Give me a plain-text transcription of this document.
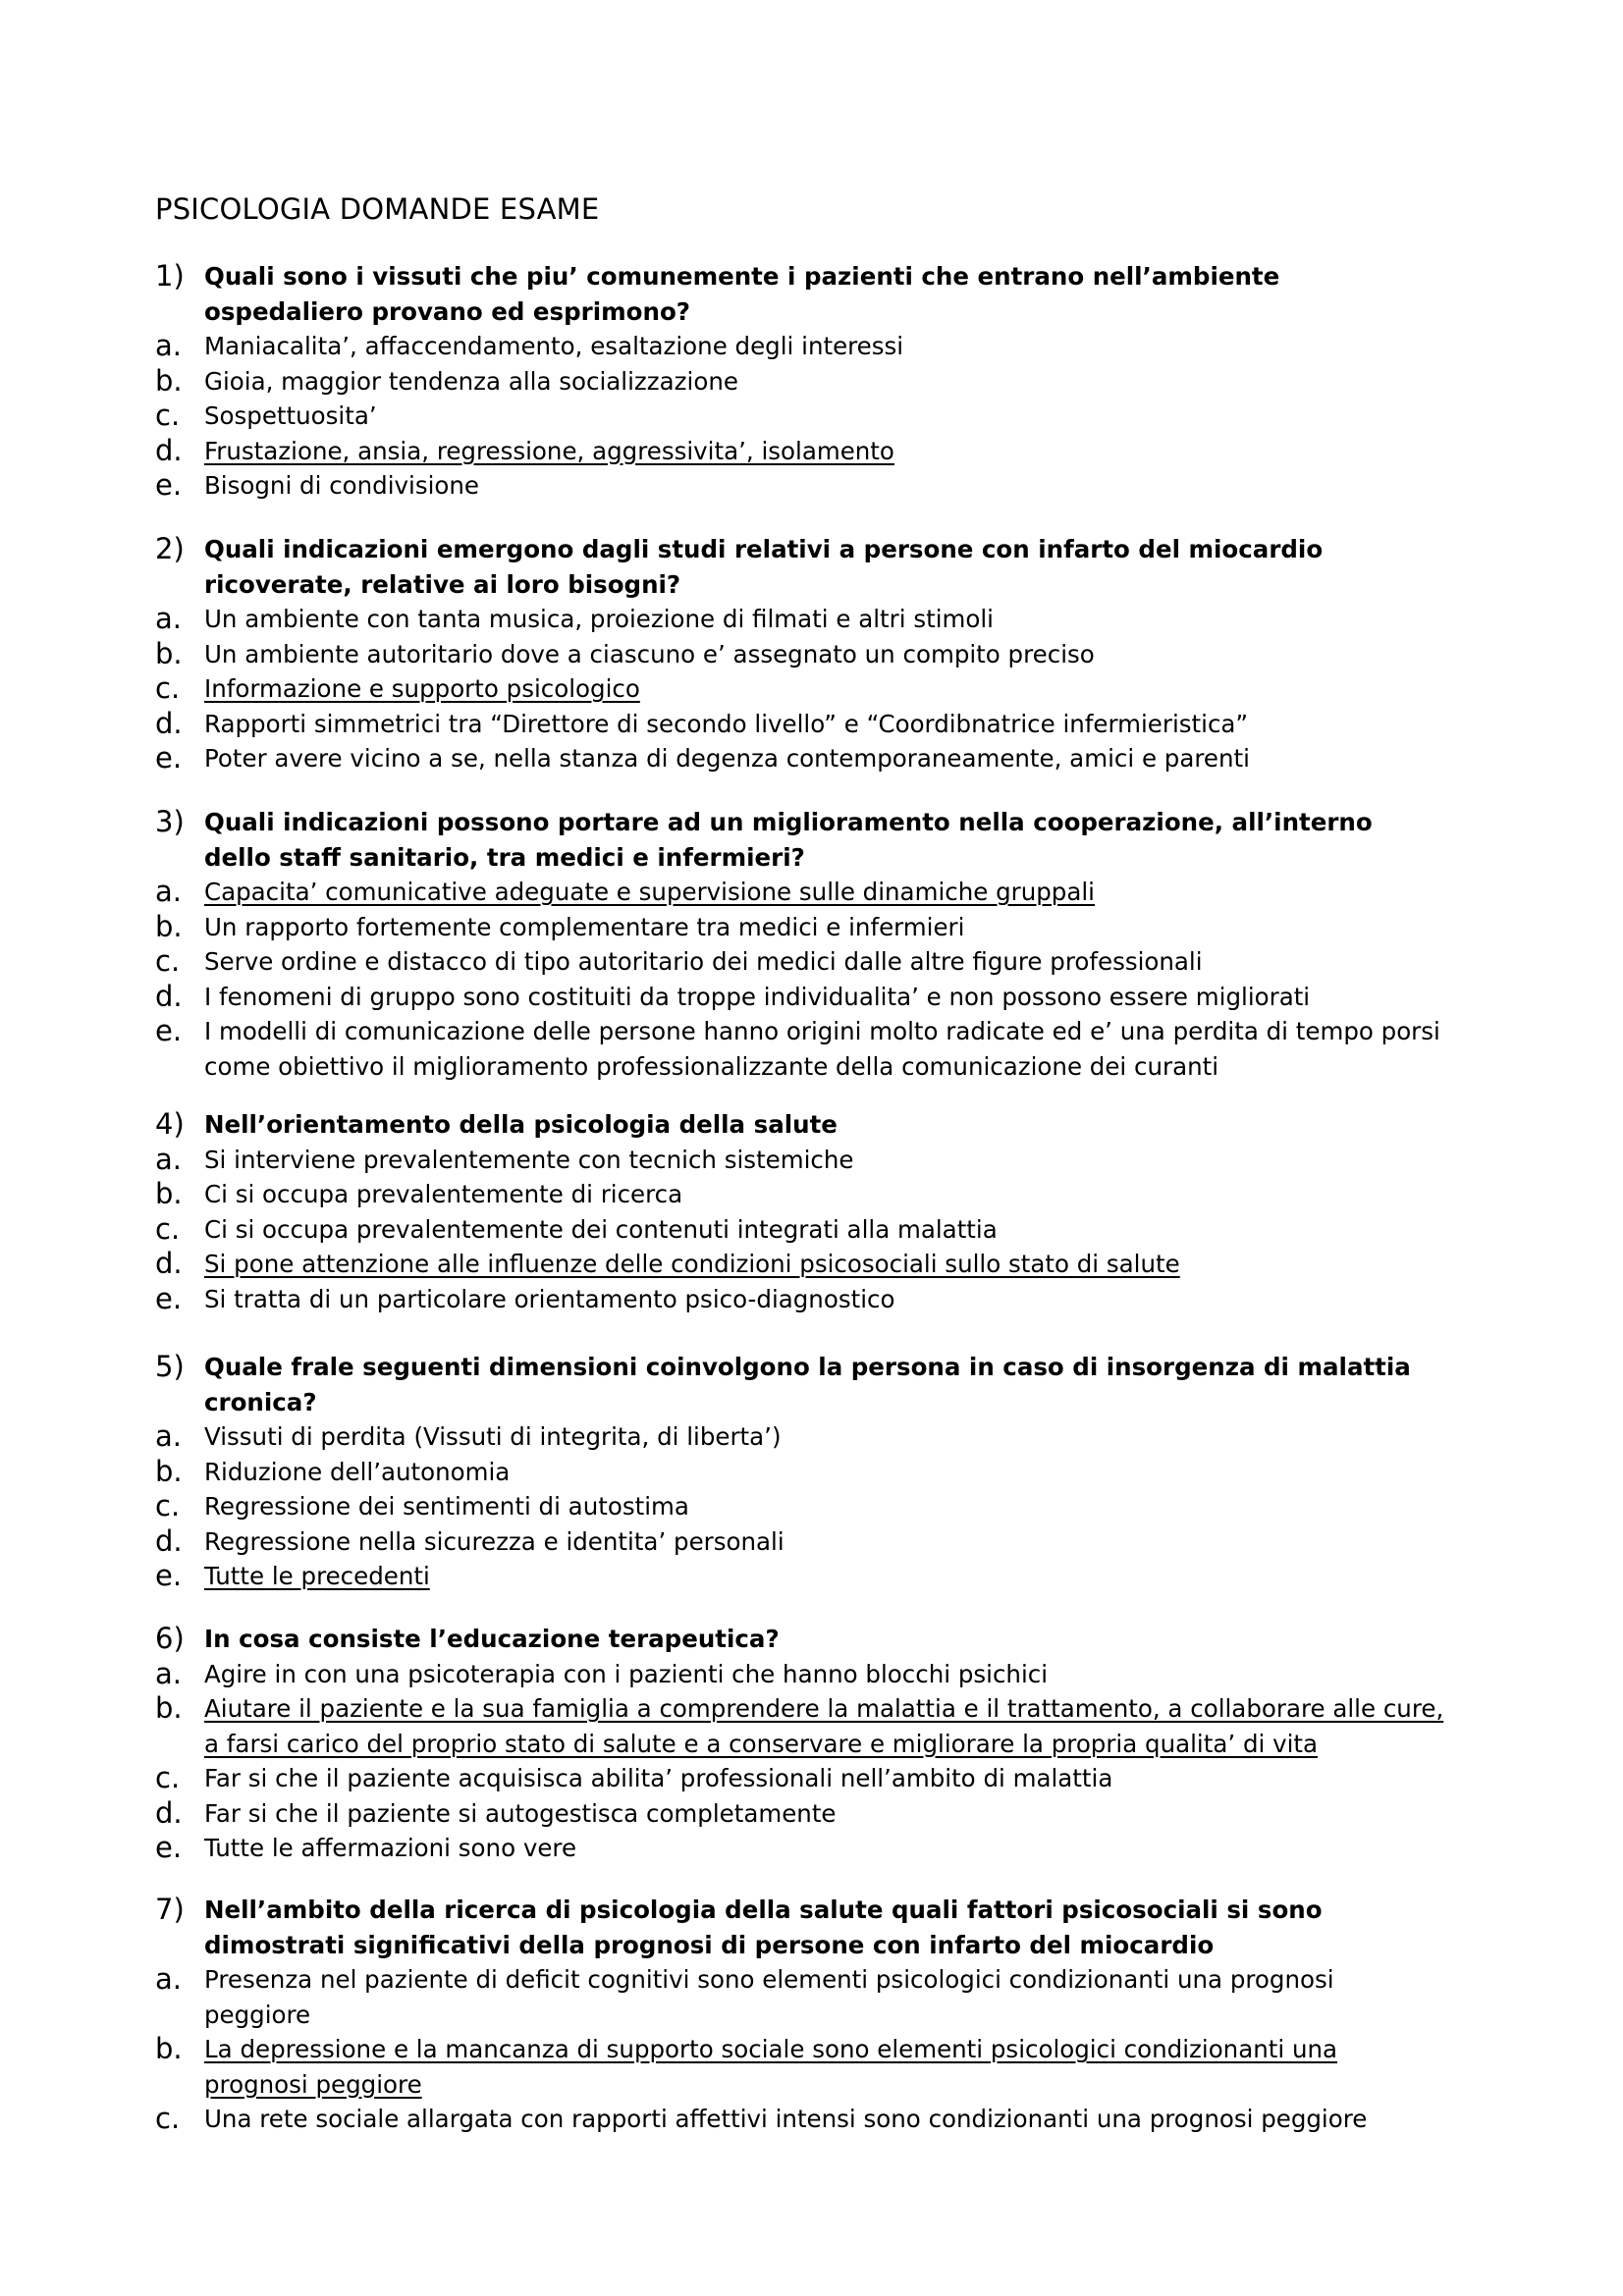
PSICOLOGIA DOMANDE ESAME
1) Quali sono i vissuti che piu’ comunemente i pazienti che entrano nell’ambiente
ospedaliero provano ed esprimono?
a. Maniacalita’, affaccendamento, esaltazione degli interessi
b. Gioia, maggior tendenza alla socializzazione
c. Sospettuosita’
d. Frustazione, ansia, regressione, aggressivita’, isolamento
e. Bisogni di condivisione
2) Quali indicazioni emergono dagli studi relativi a persone con infarto del miocardio
ricoverate, relative ai loro bisogni?
a. Un ambiente con tanta musica, proiezione di filmati e altri stimoli
b. Un ambiente autoritario dove a ciascuno e’ assegnato un compito preciso
c. Informazione e supporto psicologico
d. Rapporti simmetrici tra “Direttore di secondo livello” e “Coordibnatrice infermieristica”
e. Poter avere vicino a se, nella stanza di degenza contemporaneamente, amici e parenti
3) Quali indicazioni possono portare ad un miglioramento nella cooperazione, all’interno
dello staff sanitario, tra medici e infermieri?
a. Capacita’ comunicative adeguate e supervisione sulle dinamiche gruppali
b. Un rapporto fortemente complementare tra medici e infermieri
c. Serve ordine e distacco di tipo autoritario dei medici dalle altre figure professionali
d. I fenomeni di gruppo sono costituiti da troppe individualita’ e non possono essere migliorati
e. I modelli di comunicazione delle persone hanno origini molto radicate ed e’ una perdita di tempo porsi
come obiettivo il miglioramento professionalizzante della comunicazione dei curanti
4) Nell’orientamento della psicologia della salute
a. Si interviene prevalentemente con tecnich sistemiche
b. Ci si occupa prevalentemente di ricerca
c. Ci si occupa prevalentemente dei contenuti integrati alla malattia
d. Si pone attenzione alle influenze delle condizioni psicosociali sullo stato di salute
e. Si tratta di un particolare orientamento psico-diagnostico
5) Quale frale seguenti dimensioni coinvolgono la persona in caso di insorgenza di malattia
cronica?
a. Vissuti di perdita (Vissuti di integrita, di liberta’)
b. Riduzione dell’autonomia
c. Regressione dei sentimenti di autostima
d. Regressione nella sicurezza e identita’ personali
e. Tutte le precedenti
6) In cosa consiste l’educazione terapeutica?
a. Agire in con una psicoterapia con i pazienti che hanno blocchi psichici
b. Aiutare il paziente e la sua famiglia a comprendere la malattia e il trattamento, a collaborare alle cure,
a farsi carico del proprio stato di salute e a conservare e migliorare la propria qualita’ di vita
c. Far si che il paziente acquisisca abilita’ professionali nell’ambito di malattia
d. Far si che il paziente si autogestisca completamente
e. Tutte le affermazioni sono vere
7) Nell’ambito della ricerca di psicologia della salute quali fattori psicosociali si sono
dimostrati significativi della prognosi di persone con infarto del miocardio
a. Presenza nel paziente di deficit cognitivi sono elementi psicologici condizionanti una prognosi
peggiore
b. La depressione e la mancanza di supporto sociale sono elementi psicologici condizionanti una
prognosi peggiore
c. Una rete sociale allargata con rapporti affettivi intensi sono condizionanti una prognosi peggiore
